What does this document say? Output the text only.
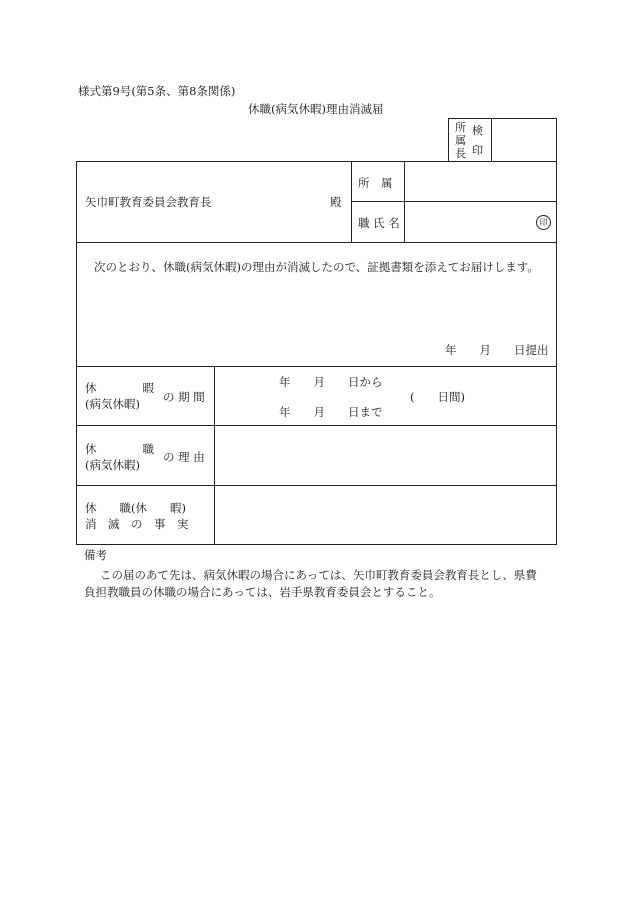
様式第9号(第5条、第8条関係)
休職(病気休暇)理由消滅届
所
属
長
検
印
矢巾町教育委員会教育長	殿
所　属
職 氏 名	印
次のとおり、休職(病気休暇)の理由が消滅したので、証拠書類を添えてお届けします。
年　　月　　日提出
休　　　　暇
(病気休暇) の 期 間
年　　月　　日から
年　　月　　日まで
(　　日間)
休　　　　職
(病気休暇)
の 理 由
休　　職(休　　暇)
消　滅　の　事　実
備考
この届のあて先は、病気休暇の場合にあっては、矢巾町教育委員会教育長とし、県費
負担教職員の休職の場合にあっては、岩手県教育委員会とすること。
